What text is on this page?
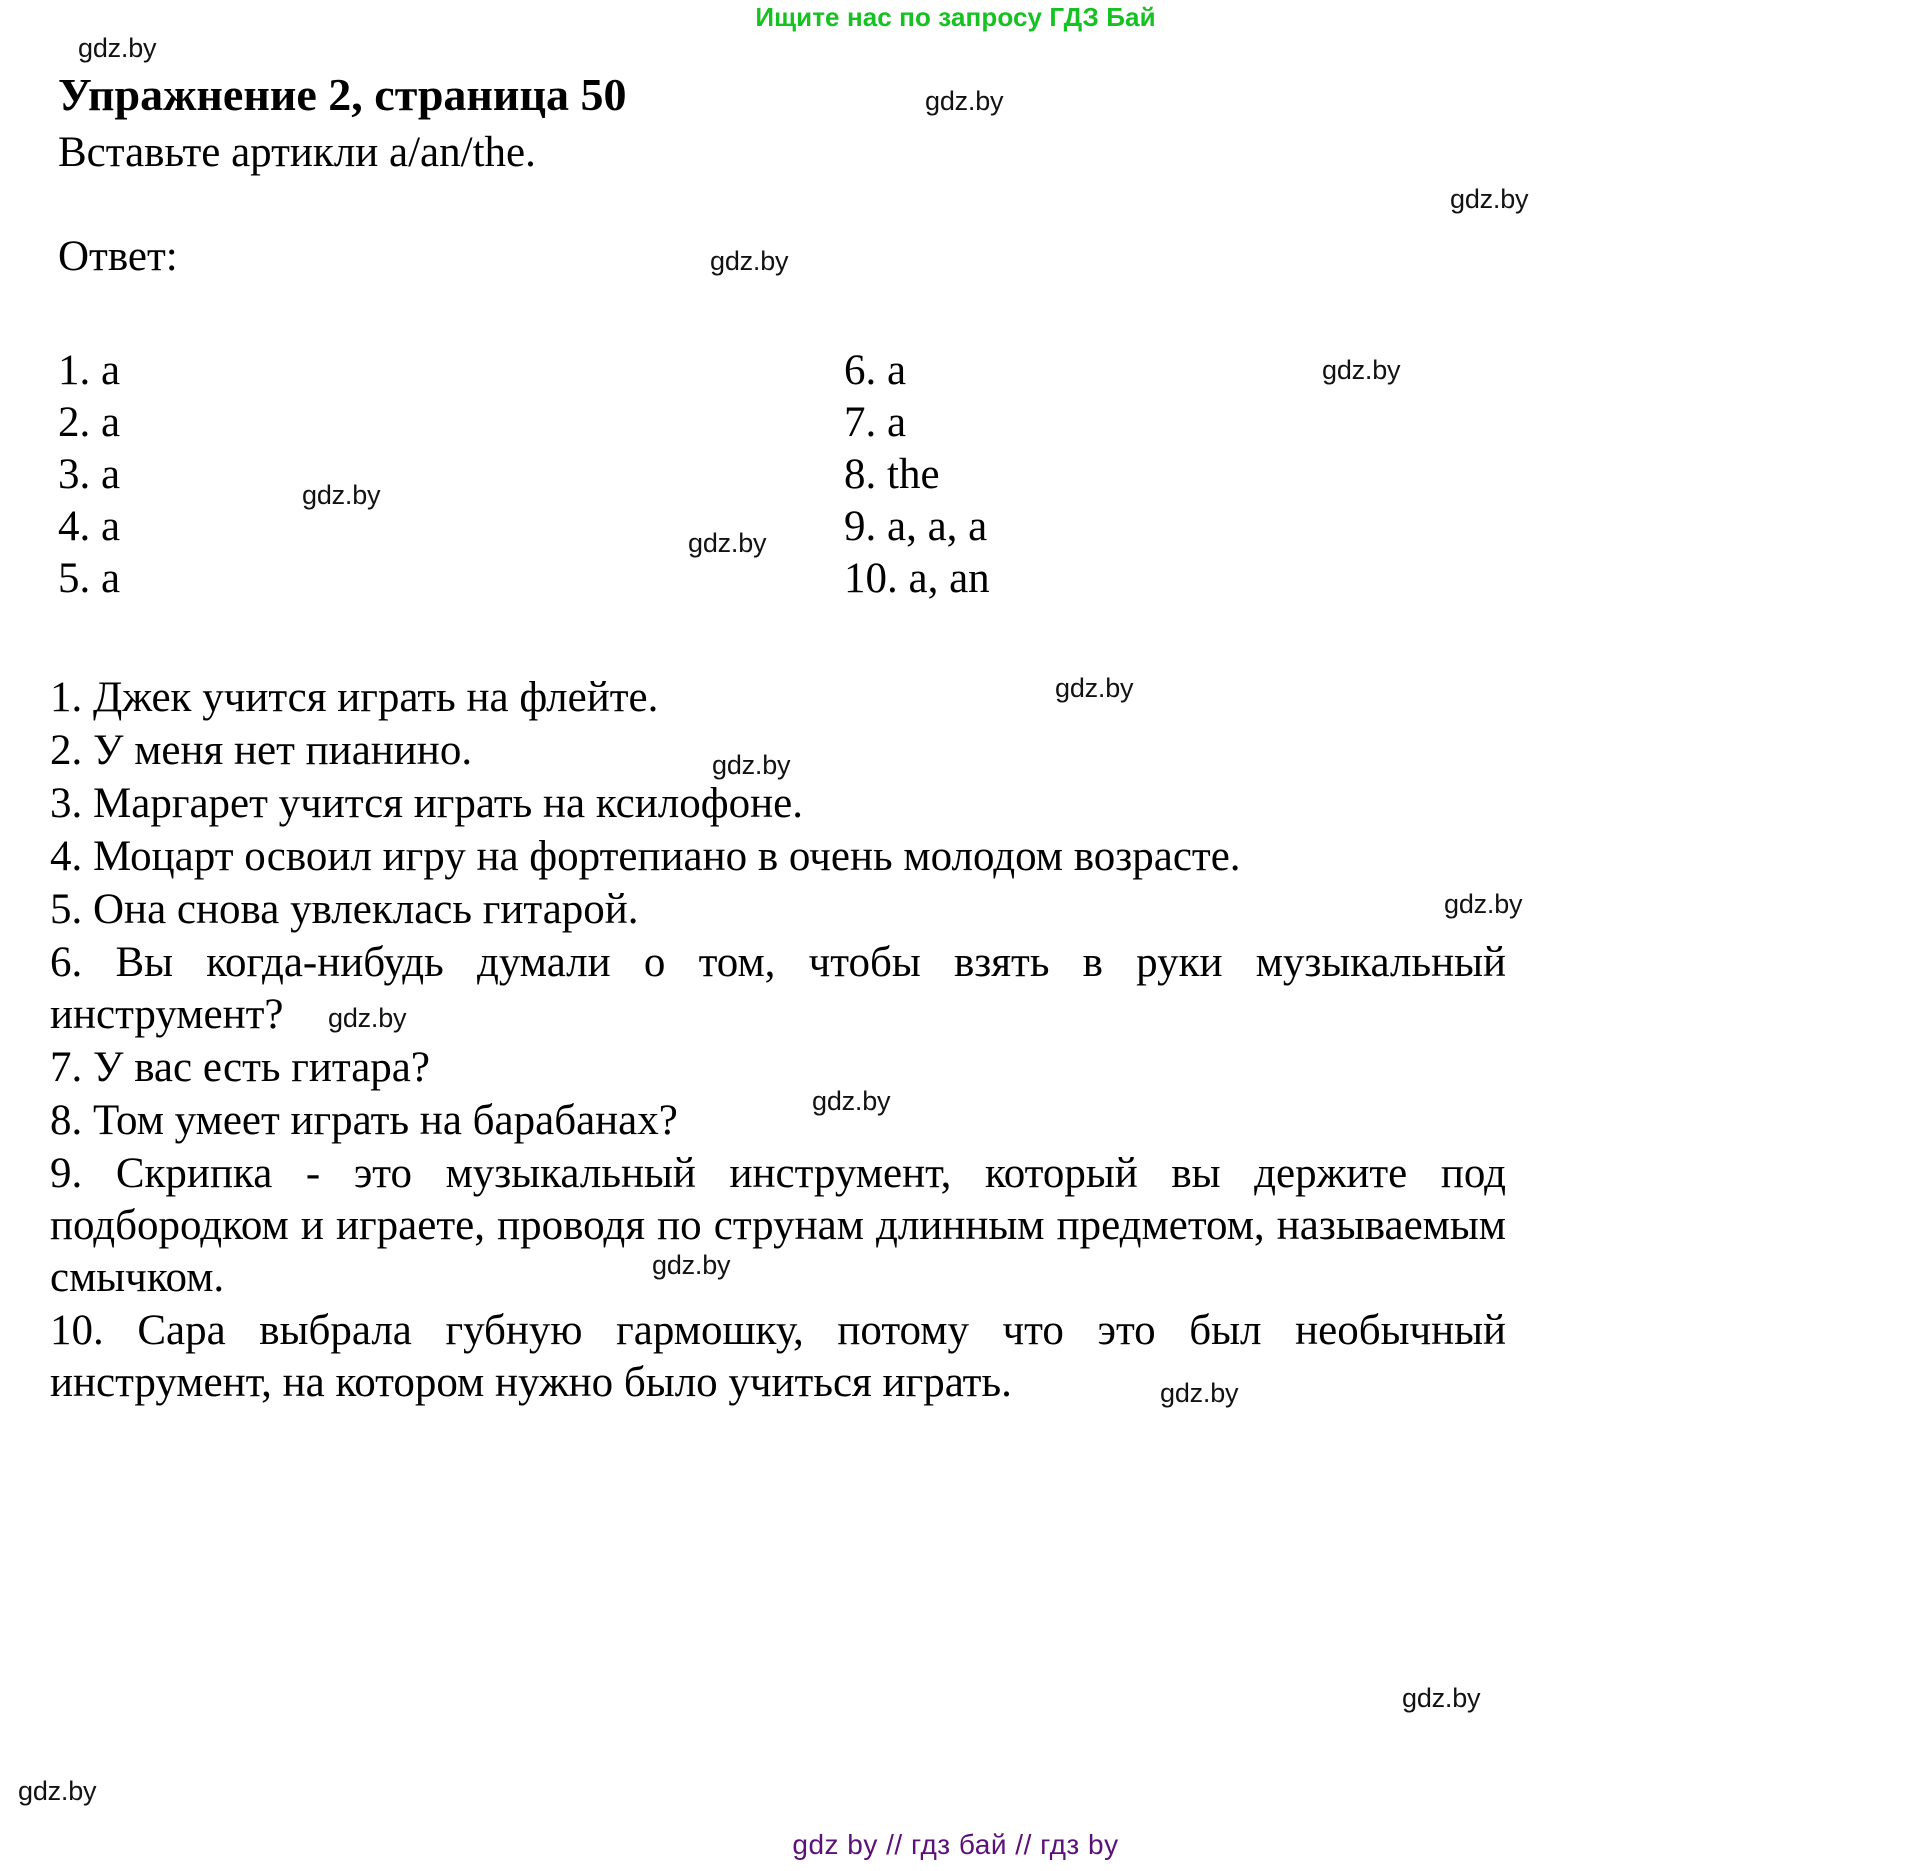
Ищите нас по запросу ГДЗ Бай
gdz.by
gdz.by
gdz.by
gdz.by
gdz.by
gdz.by
gdz.by
gdz.by
gdz.by
gdz.by
gdz.by
gdz.by
gdz.by
gdz.by
gdz.by
gdz.by
Упражнение 2, страница 50
Вставьте артикли a/an/the.
Ответ:
1. a
2. a
3. a
4. a
5. a
6. a
7. a
8. the
9. a, a, a
10. a, an
1. Джек учится играть на флейте.
2. У меня нет пианино.
3. Маргарет учится играть на ксилофоне.
4. Моцарт освоил игру на фортепиано в очень молодом возрасте.
5. Она снова увлеклась гитарой.
6. Вы когда-нибудь думали о том, чтобы взять в руки музыкальный инструмент?
7. У вас есть гитара?
8. Том умеет играть на барабанах?
9. Скрипка - это музыкальный инструмент, который вы держите под подбородком и играете, проводя по струнам длинным предметом, называемым смычком.
10. Сара выбрала губную гармошку, потому что это был необычный инструмент, на котором нужно было учиться играть.
gdz by // гдз бай // гдз by
